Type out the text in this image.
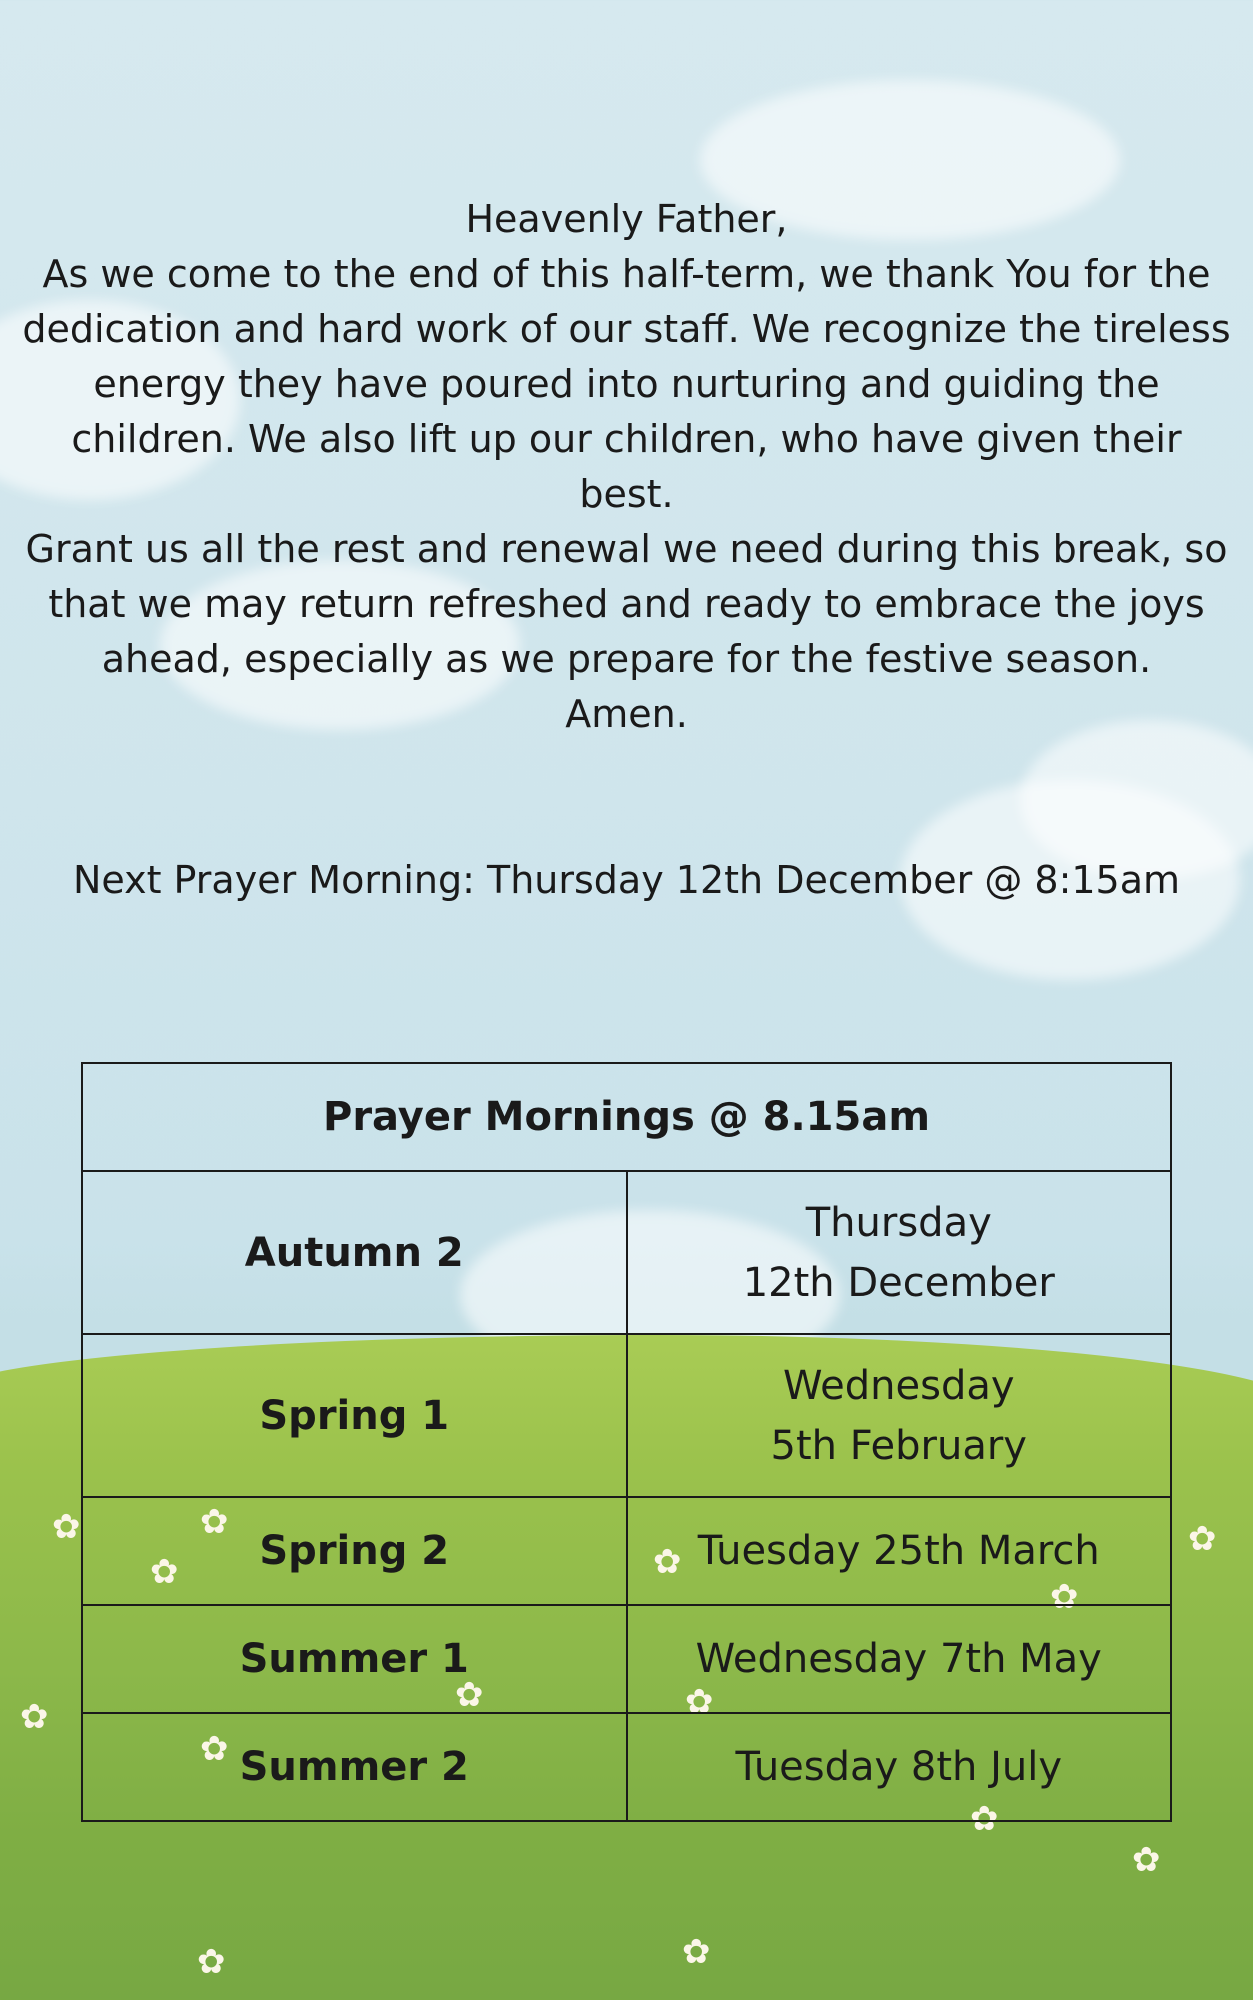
✿	✿
✿
✿
✿
✿	✿
✿
✿
✿
✿
✿
✿	✿

Heavenly Father,

As we come to the end of this half-term, we thank You for the dedication and hard work of our staff. We recognize the tireless energy they have poured into nurturing and guiding the children. We also lift up our children, who have given their best.

Grant us all the rest and renewal we need during this break, so that we may return refreshed and ready to embrace the joys ahead, especially as we prepare for the festive season.

Amen.

Next Prayer Morning: Thursday 12th December @ 8:15am
Prayer Mornings @ 8.15am	
Autumn 2	Thursday
12th December

Spring 1	Wednesday
5th February

Spring 2	Tuesday 25th March
Summer 1	Wednesday 7th May
Summer 2	Tuesday 8th July
